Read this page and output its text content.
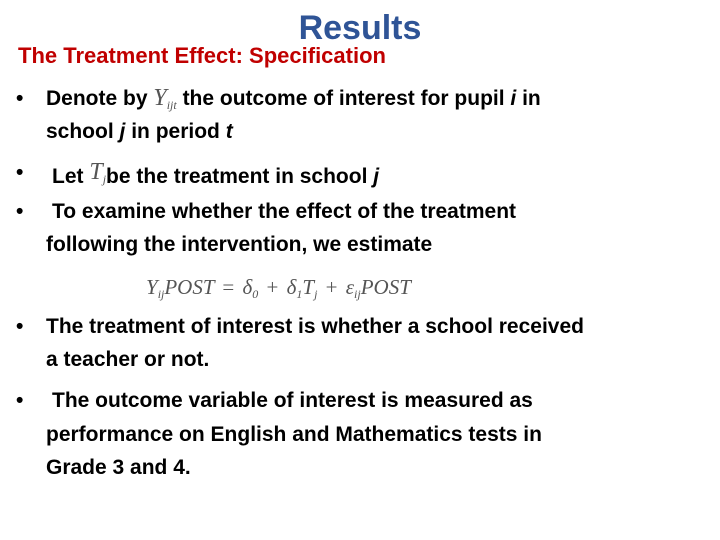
Results
The Treatment Effect: Specification
• Denote by $Y_{ijt}$ the outcome of interest for pupil i in
school j in period t
• Let $T_jbe$ the treatment in school j
• To examine whether the effect of the treatment
following the intervention, we estimate
$Y_{ij}POST = \delta_0 + \delta_1T_j$ + $\varepsilon_{ij}POST$
• The treatment of interest is whether a school received
a teacher or not.
• The outcome variable of interest is measured as
performance on English and Mathematics tests in
Grade 3 and 4.
